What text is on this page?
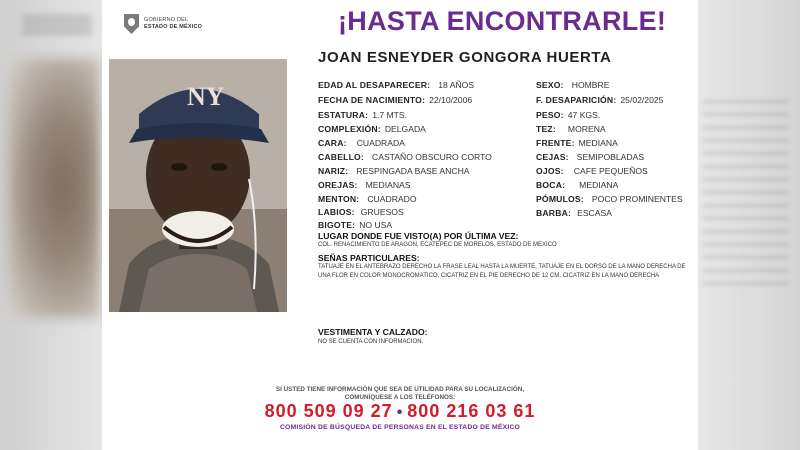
GOBIERNO DEL
ESTADO DE MÉXICO	¡HASTA ENCONTRARLE!
JOAN ESNEYDER GONGORA HUERTA
NY	EDAD AL DESAPARECER: 18 AÑOS	SEXO: HOMBRE
FECHA DE NACIMIENTO: 22/10/2006	F. DESAPARICIÓN: 25/02/2025
ESTATURA: 1.7 MTS.	PESO: 47 KGS.
COMPLEXIÓN: DELGADA	TEZ: MORENA
CARA: CUADRADA	FRENTE: MEDIANA
CABELLO: CASTAÑO OBSCURO CORTO	CEJAS: SEMIPOBLADAS
NARIZ: RESPINGADA BASE ANCHA	OJOS: CAFE PEQUEÑOS
OREJAS: MEDIANAS	BOCA: MEDIANA
MENTON: CUADRADO	PÓMULOS: POCO PROMINENTES
LABIOS: GRUESOS	BARBA: ESCASA
BIGOTE: NO USA
LUGAR DONDE FUE VISTO(A) POR ÚLTIMA VEZ:
COL. RENACIMIENTO DE ARAGON, ECATEPEC DE MORELOS, ESTADO DE MEXICO
SEÑAS PARTICULARES:
TATUAJE EN EL ANTEBRAZO DERECHO LA FRASE LEAL HASTA LA MUERTE, TATUAJE EN EL DORSO DE LA MANO DERECHA DE UNA FLOR EN COLOR MONOCROMATICO, CICATRIZ EN EL PIE DERECHO DE 12 CM, CICATRIZ EN LA MANO DERECHA
VESTIMENTA Y CALZADO:
NO SE CUENTA CON INFORMACION.
SI USTED TIENE INFORMACIÓN QUE SEA DE UTILIDAD PARA SU LOCALIZACIÓN,
COMUNÍQUESE A LOS TELÉFONOS:
800 509 09 27 • 800 216 03 61
COMISIÓN DE BÚSQUEDA DE PERSONAS EN EL ESTADO DE MÉXICO
